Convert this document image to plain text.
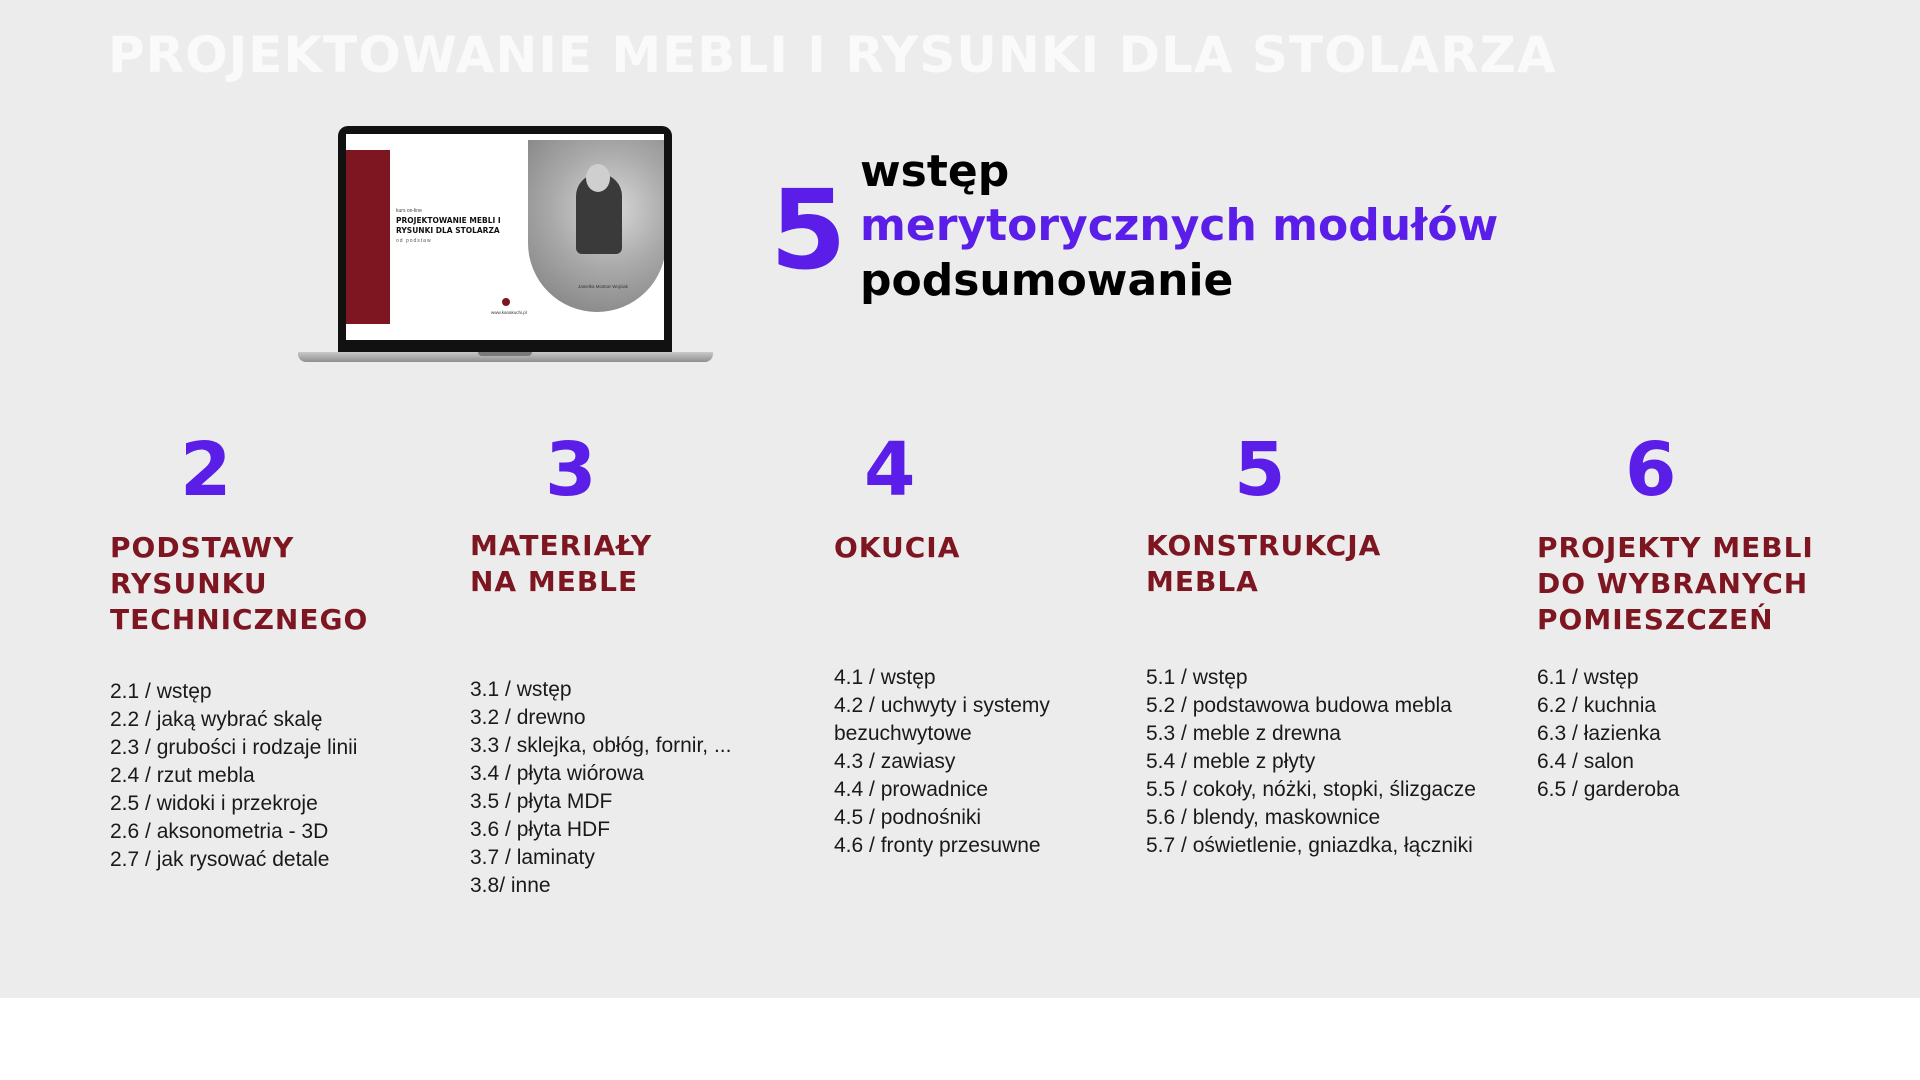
PROJEKTOWANIE MEBLI I RYSUNKI DLA STOLARZA
kurs on-line
PROJEKTOWANIE MEBLI I RYSUNKI DLA STOLARZA
od podstaw
Janielka Mostrar Wojciak
www.kanakuchi.pl
5 wstęp
merytorycznych modułów
podsumowanie
2
PODSTAWY
RYSUNKU
TECHNICZNEGO
2.1 / wstęp
2.2 / jaką wybrać skalę
2.3 / grubości i rodzaje linii
2.4 / rzut mebla
2.5 / widoki i przekroje
2.6 / aksonometria - 3D
2.7 / jak rysować detale
3
MATERIAŁY
NA MEBLE
3.1 / wstęp
3.2 / drewno
3.3 / sklejka, obłóg, fornir, ...
3.4 / płyta wiórowa
3.5 / płyta MDF
3.6 / płyta HDF
3.7 / laminaty
3.8/ inne
4
OKUCIA
4.1 / wstęp
4.2 / uchwyty i systemy bezuchwytowe
4.3 / zawiasy
4.4 / prowadnice
4.5 / podnośniki
4.6 / fronty przesuwne
5
KONSTRUKCJA
MEBLA
5.1 / wstęp
5.2 / podstawowa budowa mebla
5.3 / meble z drewna
5.4 / meble z płyty
5.5 / cokoły, nóżki, stopki, ślizgacze
5.6 / blendy, maskownice
5.7 / oświetlenie, gniazdka, łączniki
6
PROJEKTY MEBLI
DO WYBRANYCH
POMIESZCZEŃ
6.1 / wstęp
6.2 / kuchnia
6.3 / łazienka
6.4 / salon
6.5 / garderoba
